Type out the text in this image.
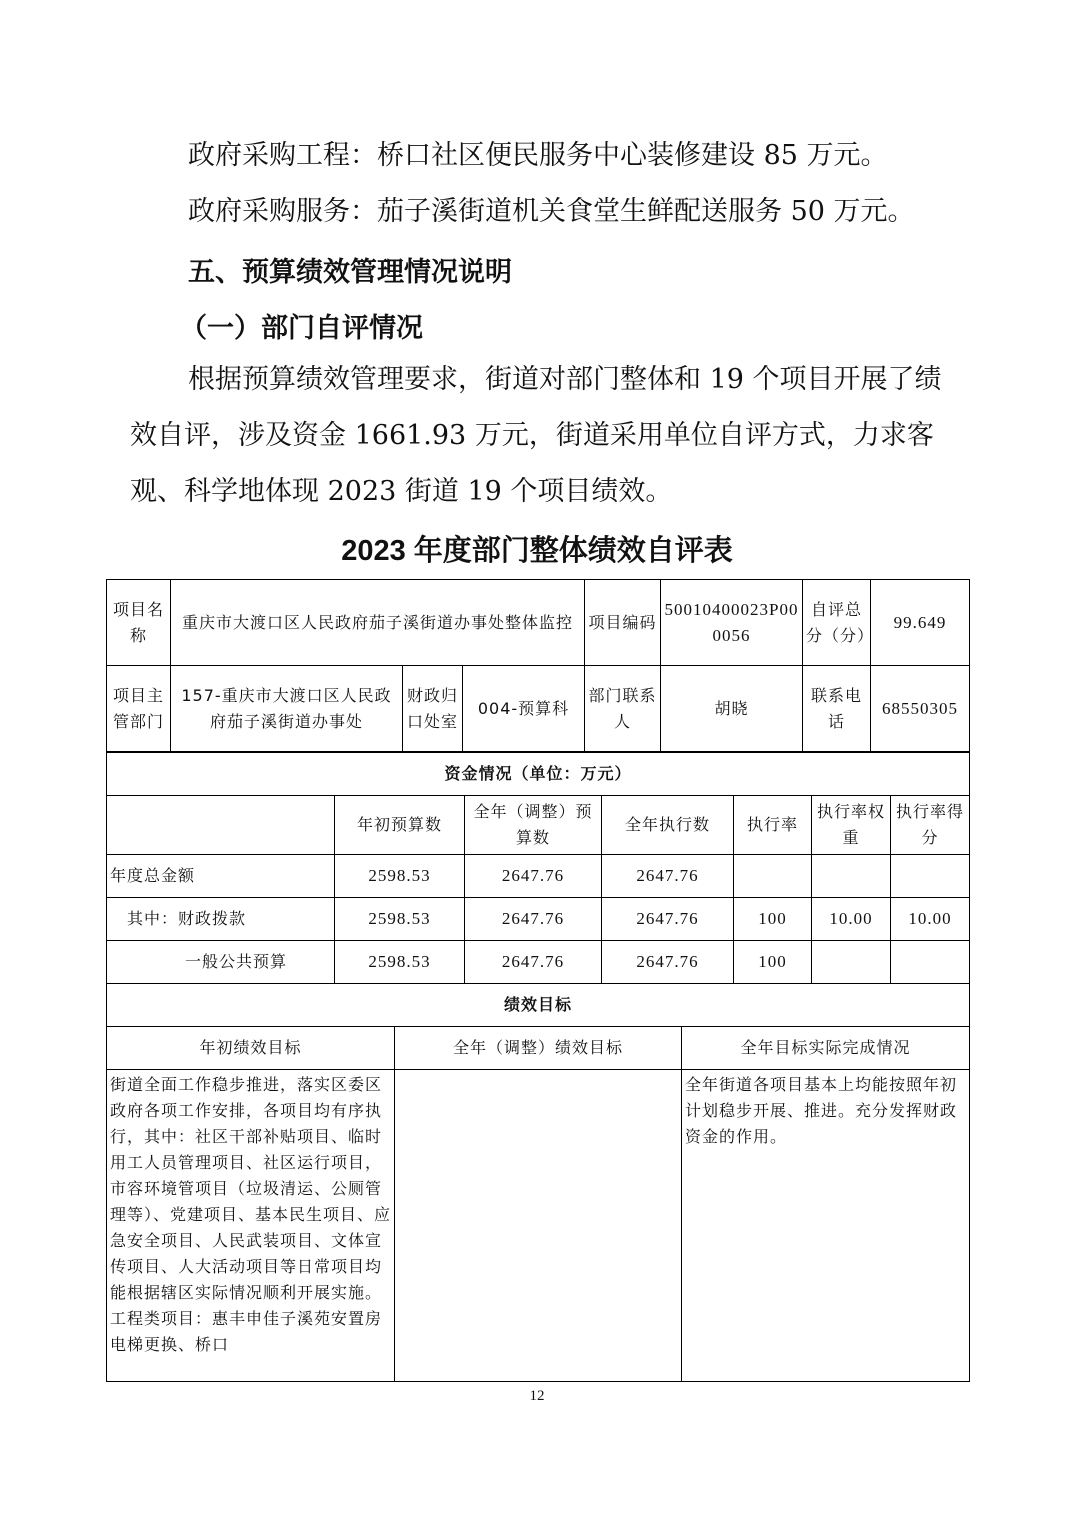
政府采购工程：桥口社区便民服务中心装修建设 85 万元。

政府采购服务：茄子溪街道机关食堂生鲜配送服务 50 万元。

五、预算绩效管理情况说明

（一）部门自评情况

根据预算绩效管理要求，街道对部门整体和 19 个项目开展了绩效自评，涉及资金 1661.93 万元，街道采用单位自评方式，力求客观、科学地体现 2023 街道 19 个项目绩效。

2023 年度部门整体绩效自评表
项目名称	重庆市大渡口区人民政府茄子溪街道办事处整体监控			项目编码	50010400023P000056	自评总分（分）	99.649
项目主管部门	157-重庆市大渡口区人民政府茄子溪街道办事处	财政归口处室	004-预算科	部门联系人	胡晓	联系电话	68550305
资金情况（单位：万元）						
	年初预算数	全年（调整）预算数	全年执行数	执行率	执行率权重	执行率得分
年度总金额	2598.53	2647.76	2647.76			
其中：财政拨款	2598.53	2647.76	2647.76	100	10.00	10.00
一般公共预算	2598.53	2647.76	2647.76	100		
绩效目标		
年初绩效目标	全年（调整）绩效目标	全年目标实际完成情况
街道全面工作稳步推进，落实区委区政府各项工作安排，各项目均有序执行，其中：社区干部补贴项目、临时用工人员管理项目、社区运行项目，市容环境管项目（垃圾清运、公厕管理等）、党建项目、基本民生项目、应急安全项目、人民武装项目、文体宣传项目、人大活动项目等日常项目均能根据辖区实际情况顺利开展实施。工程类项目：惠丰申佳子溪苑安置房电梯更换、桥口		全年街道各项目基本上均能按照年初计划稳步开展、推进。充分发挥财政资金的作用。
12
